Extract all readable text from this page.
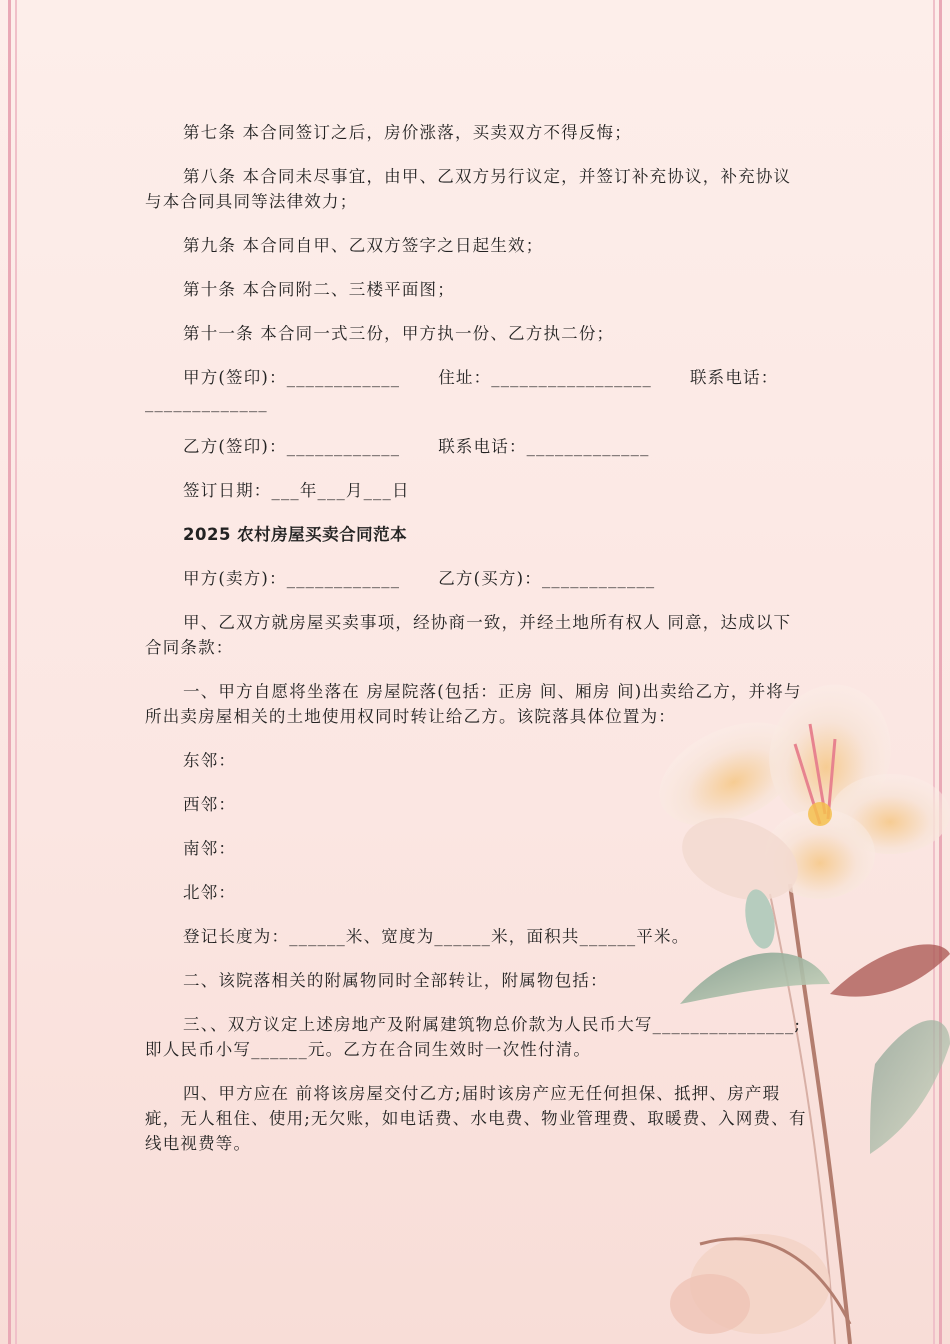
第七条 本合同签订之后，房价涨落，买卖双方不得反悔；

第八条 本合同未尽事宜，由甲、乙双方另行议定，并签订补充协议，补充协议与本合同具同等法律效力；

第九条 本合同自甲、乙双方签字之日起生效；

第十条 本合同附二、三楼平面图；

第十一条 本合同一式三份，甲方执一份、乙方执二份；

甲方(签印)：____________ 住址：_________________ 联系电话：_____________

乙方(签印)：____________ 联系电话：_____________

签订日期：___年___月___日

2025 农村房屋买卖合同范本

甲方(卖方)：____________ 乙方(买方)：____________

甲、乙双方就房屋买卖事项，经协商一致，并经土地所有权人 同意，达成以下合同条款：

一、甲方自愿将坐落在 房屋院落(包括：正房 间、厢房 间)出卖给乙方，并将与所出卖房屋相关的土地使用权同时转让给乙方。该院落具体位置为：

东邻：

西邻：

南邻：

北邻：

登记长度为：______米、宽度为______米，面积共______平米。

二、该院落相关的附属物同时全部转让，附属物包括：

三、、双方议定上述房地产及附属建筑物总价款为人民币大写_______________;即人民币小写______元。乙方在合同生效时一次性付清。

四、甲方应在 前将该房屋交付乙方;届时该房产应无任何担保、抵押、房产瑕疵，无人租住、使用;无欠账，如电话费、水电费、物业管理费、取暖费、入网费、有线电视费等。
